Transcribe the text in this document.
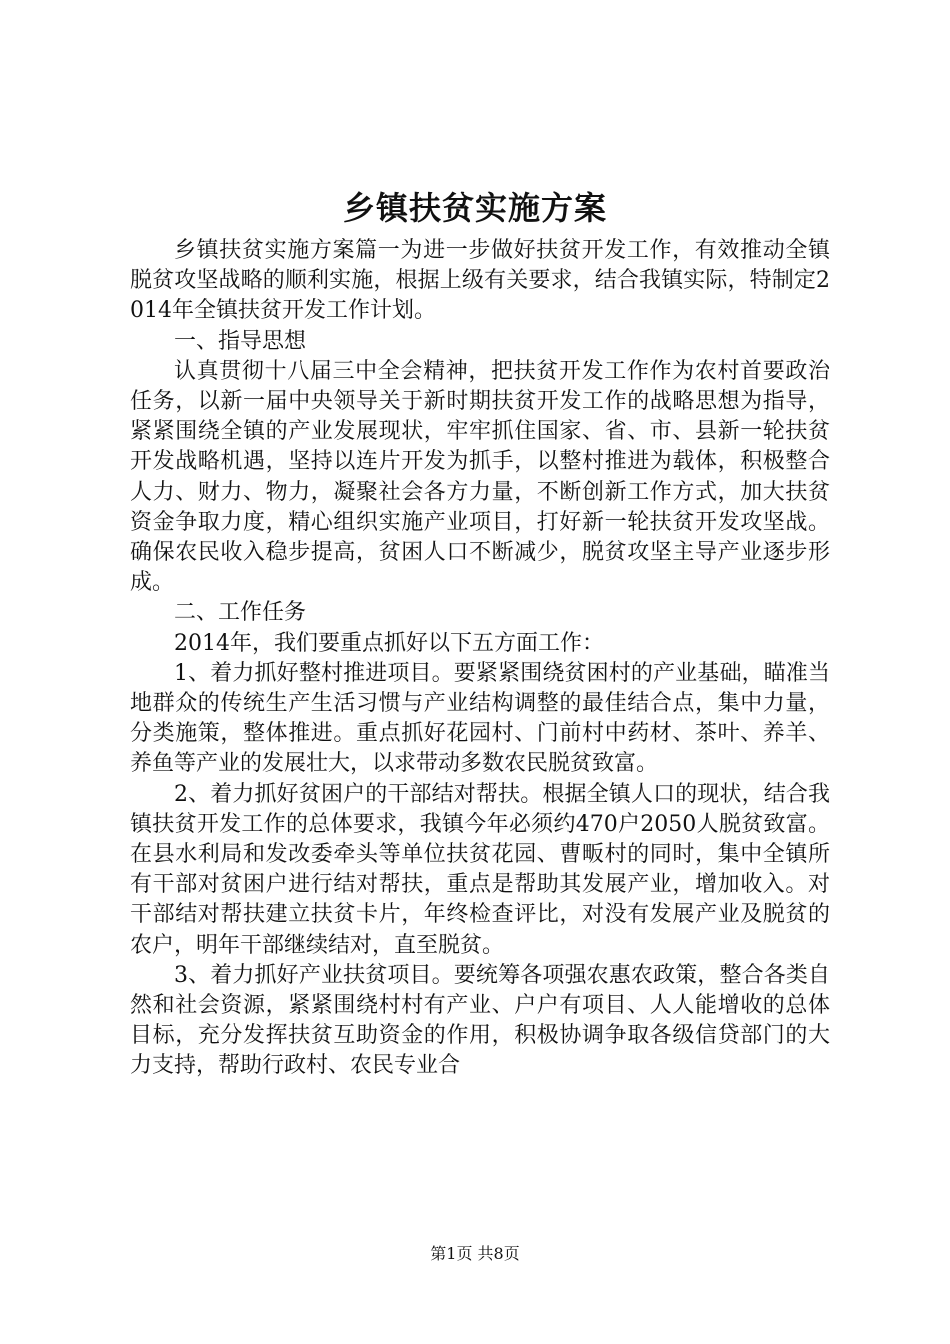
乡镇扶贫实施方案

乡镇扶贫实施方案篇一为进一步做好扶贫开发工作，有效推动全镇脱贫攻坚战略的顺利实施，根据上级有关要求，结合我镇实际，特制定2014年全镇扶贫开发工作计划。

一、指导思想

认真贯彻十八届三中全会精神，把扶贫开发工作作为农村首要政治任务，以新一届中央领导关于新时期扶贫开发工作的战略思想为指导，紧紧围绕全镇的产业发展现状，牢牢抓住国家、省、市、县新一轮扶贫开发战略机遇，坚持以连片开发为抓手，以整村推进为载体，积极整合人力、财力、物力，凝聚社会各方力量，不断创新工作方式，加大扶贫资金争取力度，精心组织实施产业项目，打好新一轮扶贫开发攻坚战。确保农民收入稳步提高，贫困人口不断减少，脱贫攻坚主导产业逐步形成。

二、工作任务

2014年，我们要重点抓好以下五方面工作：

1、着力抓好整村推进项目。要紧紧围绕贫困村的产业基础，瞄准当地群众的传统生产生活习惯与产业结构调整的最佳结合点，集中力量，分类施策，整体推进。重点抓好花园村、门前村中药材、茶叶、养羊、养鱼等产业的发展壮大，以求带动多数农民脱贫致富。

2、着力抓好贫困户的干部结对帮扶。根据全镇人口的现状，结合我镇扶贫开发工作的总体要求，我镇今年必须约470户2050人脱贫致富。在县水利局和发改委牵头等单位扶贫花园、曹畈村的同时，集中全镇所有干部对贫困户进行结对帮扶，重点是帮助其发展产业，增加收入。对干部结对帮扶建立扶贫卡片，年终检查评比，对没有发展产业及脱贫的农户，明年干部继续结对，直至脱贫。

3、着力抓好产业扶贫项目。要统筹各项强农惠农政策，整合各类自然和社会资源，紧紧围绕村村有产业、户户有项目、人人能增收的总体目标，充分发挥扶贫互助资金的作用，积极协调争取各级信贷部门的大力支持，帮助行政村、农民专业合

第1页 共8页
